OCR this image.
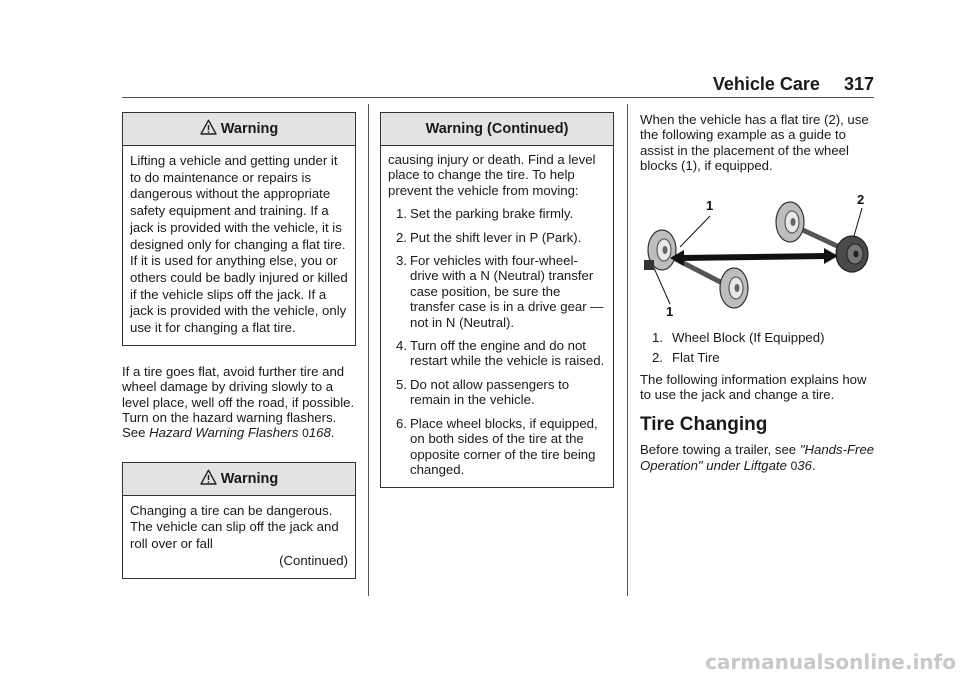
Vehicle Care 317
Warning

Lifting a vehicle and getting under it to do maintenance or repairs is dangerous without the appropriate safety equipment and training. If a jack is provided with the vehicle, it is designed only for changing a flat tire. If it is used for anything else, you or others could be badly injured or killed if the vehicle slips off the jack. If a jack is provided with the vehicle, only use it for changing a flat tire.

If a tire goes flat, avoid further tire and wheel damage by driving slowly to a level place, well off the road, if possible. Turn on the hazard warning flashers. See Hazard Warning Flashers 0168.

Warning

Changing a tire can be dangerous. The vehicle can slip off the jack and roll over or fall

(Continued)

Warning (Continued)

causing injury or death. Find a level place to change the tire. To help prevent the vehicle from moving:

1. Set the parking brake firmly.
2. Put the shift lever in P (Park).
3. For vehicles with four-wheel-drive with a N (Neutral) transfer case position, be sure the transfer case is in a drive gear — not in N (Neutral).
4. Turn off the engine and do not restart while the vehicle is raised.
5. Do not allow passengers to remain in the vehicle.
6. Place wheel blocks, if equipped, on both sides of the tire at the opposite corner of the tire being changed.

When the vehicle has a flat tire (2), use the following example as a guide to assist in the placement of the wheel blocks (1), if equipped.

1	2
1
1. Wheel Block (If Equipped)
2. Flat Tire

The following information explains how to use the jack and change a tire.

Tire Changing

Before towing a trailer, see "Hands-Free Operation" under Liftgate 036.

carmanualsonline.info
